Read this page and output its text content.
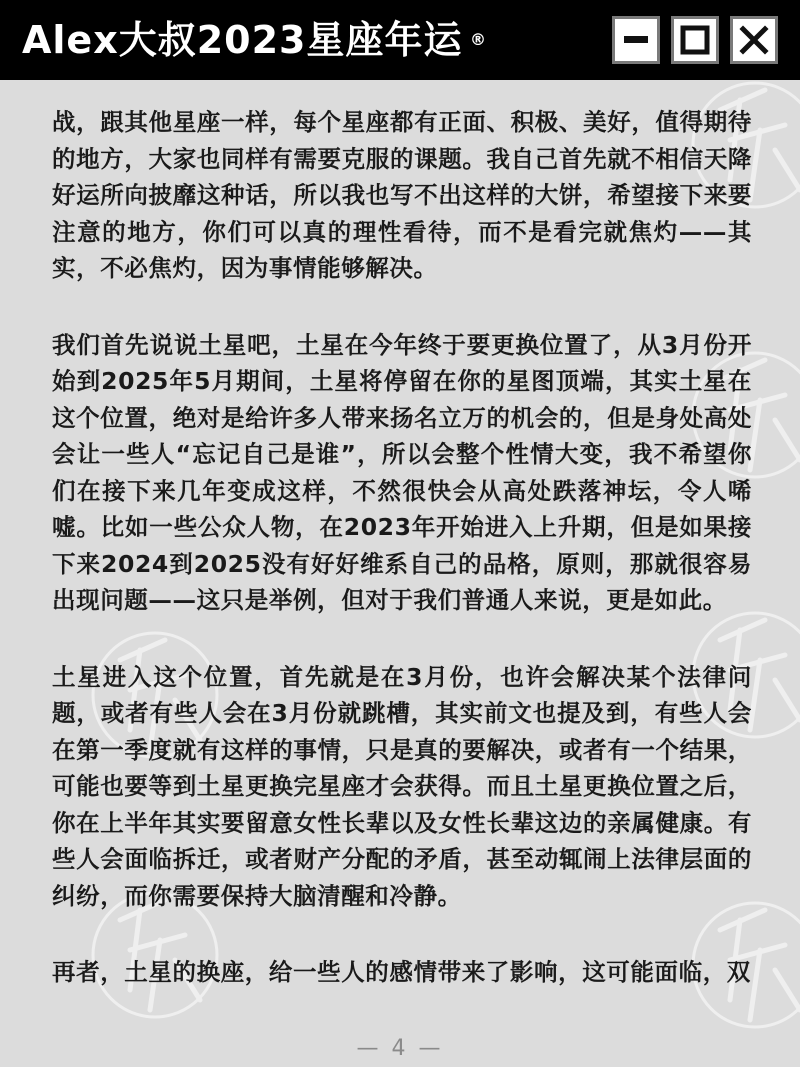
Alex大叔2023星座年运 ®

战，跟其他星座一样，每个星座都有正面、积极、美好，值得期待的地方，大家也同样有需要克服的课题。我自己首先就不相信天降好运所向披靡这种话，所以我也写不出这样的大饼，希望接下来要注意的地方，你们可以真的理性看待，而不是看完就焦灼——其实，不必焦灼，因为事情能够解决。

我们首先说说土星吧，土星在今年终于要更换位置了，从3月份开始到2025年5月期间，土星将停留在你的星图顶端，其实土星在这个位置，绝对是给许多人带来扬名立万的机会的，但是身处高处会让一些人“忘记自己是谁”，所以会整个性情大变，我不希望你们在接下来几年变成这样，不然很快会从高处跌落神坛，令人唏嘘。比如一些公众人物，在2023年开始进入上升期，但是如果接下来2024到2025没有好好维系自己的品格，原则，那就很容易出现问题——这只是举例，但对于我们普通人来说，更是如此。

土星进入这个位置，首先就是在3月份，也许会解决某个法律问题，或者有些人会在3月份就跳槽，其实前文也提及到，有些人会在第一季度就有这样的事情，只是真的要解决，或者有一个结果，可能也要等到土星更换完星座才会获得。而且土星更换位置之后，你在上半年其实要留意女性长辈以及女性长辈这边的亲属健康。有些人会面临拆迁，或者财产分配的矛盾，甚至动辄闹上法律层面的纠纷，而你需要保持大脑清醒和冷静。

再者，土星的换座，给一些人的感情带来了影响，这可能面临，双

— 4 —
